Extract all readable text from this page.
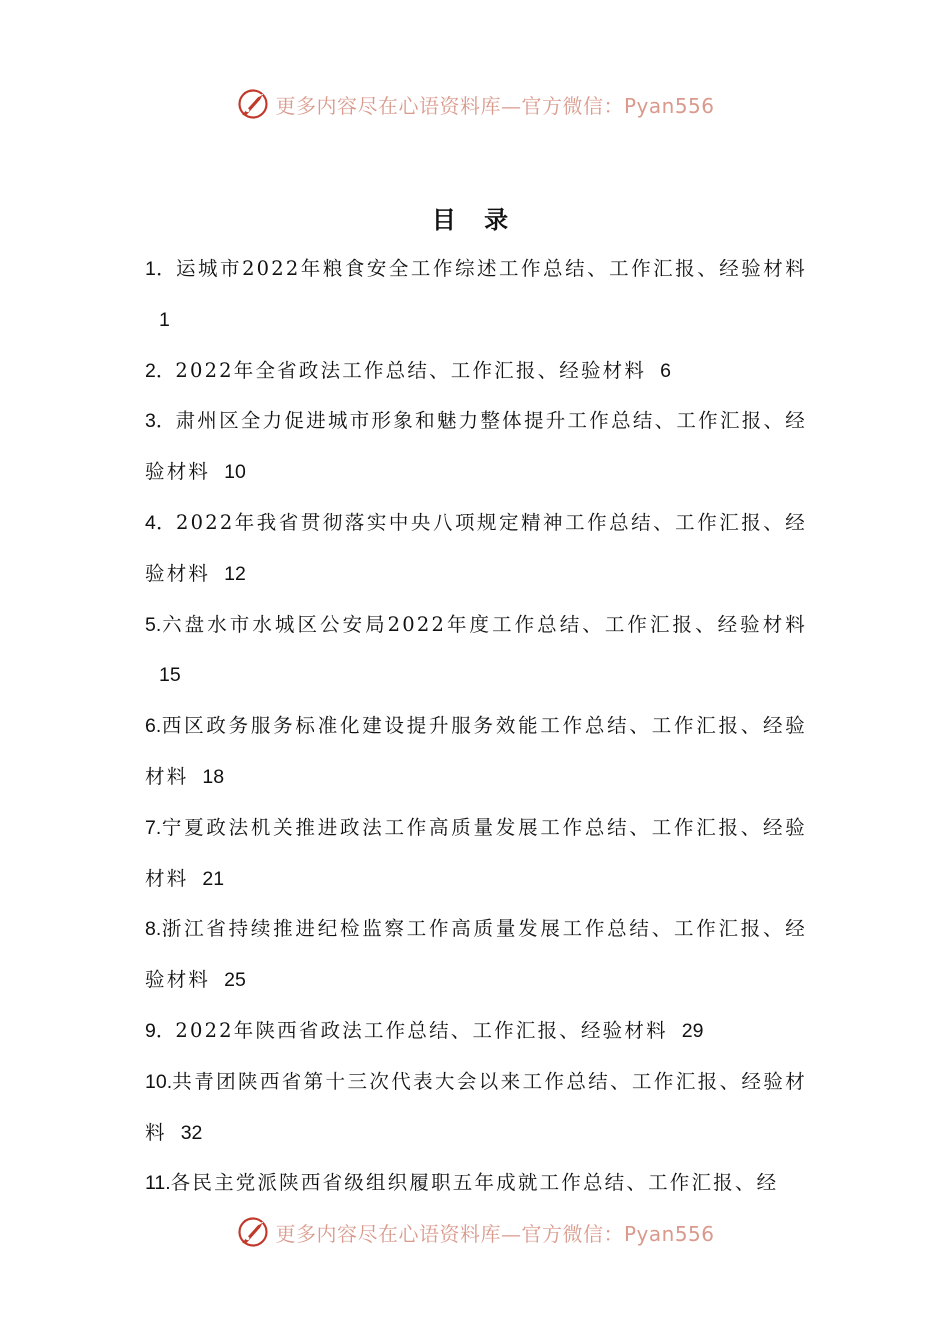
更多内容尽在心语资料库—官方微信：Pyan556
目 录
1．运城市2022年粮食安全工作综述工作总结、工作汇报、经验材料1
2．2022年全省政法工作总结、工作汇报、经验材料 6
3．肃州区全力促进城市形象和魅力整体提升工作总结、工作汇报、经验材料 10
4．2022年我省贯彻落实中央八项规定精神工作总结、工作汇报、经验材料 12
5.六盘水市水城区公安局2022年度工作总结、工作汇报、经验材料15
6.西区政务服务标准化建设提升服务效能工作总结、工作汇报、经验材料 18
7.宁夏政法机关推进政法工作高质量发展工作总结、工作汇报、经验材料 21
8.浙江省持续推进纪检监察工作高质量发展工作总结、工作汇报、经验材料 25
9．2022年陕西省政法工作总结、工作汇报、经验材料 29
10.共青团陕西省第十三次代表大会以来工作总结、工作汇报、经验材料 32
11.各民主党派陕西省级组织履职五年成就工作总结、工作汇报、经
更多内容尽在心语资料库—官方微信：Pyan556
